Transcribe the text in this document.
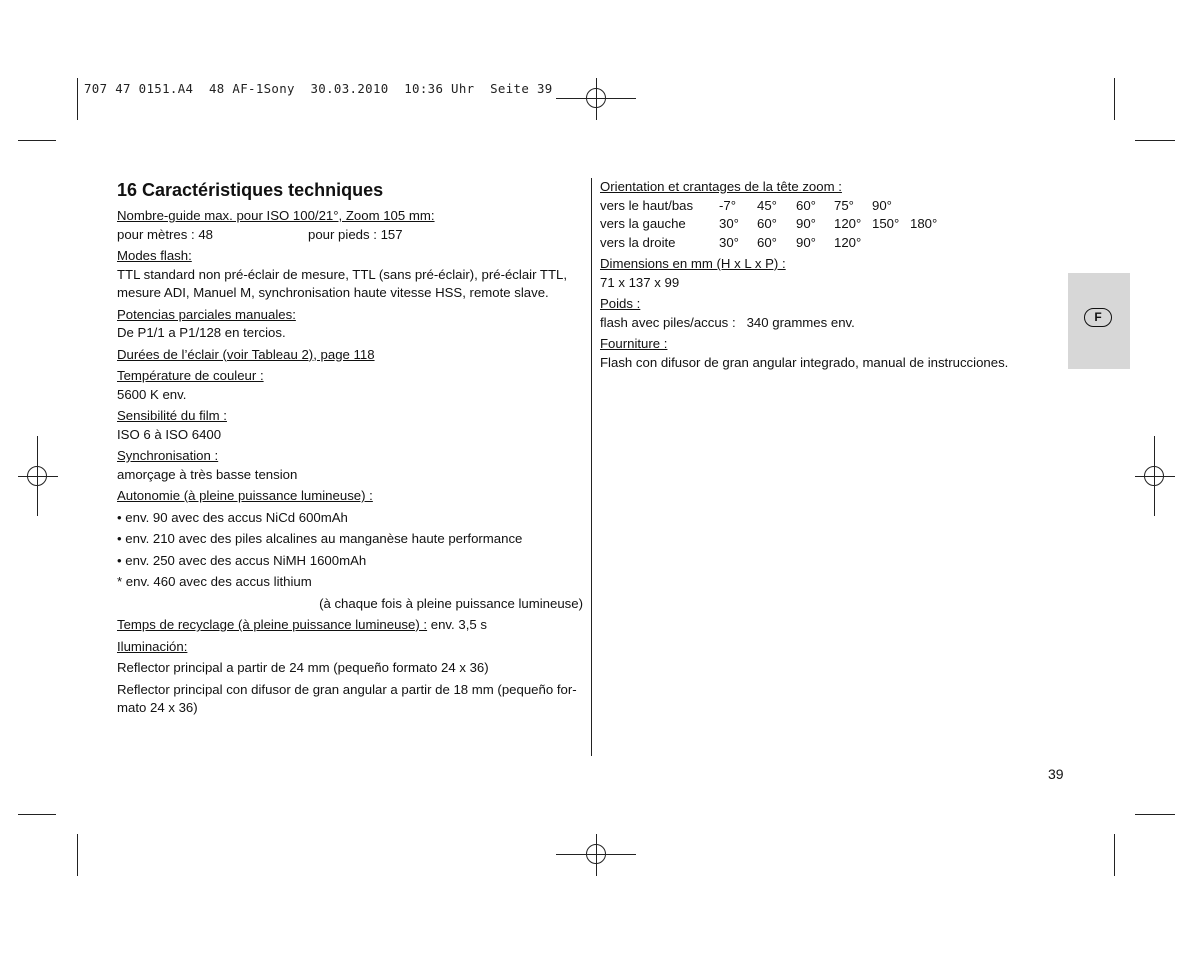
707 47 0151.A4  48 AF-1Sony  30.03.2010  10:36 Uhr  Seite 39

16 Caractéristiques techniques

Nombre-guide max. pour ISO 100/21°, Zoom 105 mm:

pour mètres : 48	pour pieds : 157

Modes flash:

TTL standard non pré-éclair de mesure, TTL (sans pré-éclair), pré-éclair TTL,

mesure ADI, Manuel M, synchronisation haute vitesse HSS, remote slave.

Potencias parciales manuales:

De P1/1 a P1/128 en tercios.

Durées de l’éclair (voir Tableau 2), page 118

Température de couleur :

5600 K env.

Sensibilité du film :

ISO 6 à ISO 6400

Synchronisation :

amorçage à très basse tension

Autonomie (à pleine puissance lumineuse) :

• env. 90 avec des accus NiCd 600mAh

• env. 210 avec des piles alcalines au manganèse haute performance

• env. 250 avec des accus NiMH 1600mAh

* env. 460 avec des accus lithium

(à chaque fois à pleine puissance lumineuse)

Temps de recyclage (à pleine puissance lumineuse) : env. 3,5 s

Iluminación:

Reflector principal a partir de 24 mm (pequeño formato 24 x 36)

Reflector principal con difusor de gran angular a partir de 18 mm (pequeño for-

mato 24 x 36)

Orientation et crantages de la tête zoom :

vers le haut/bas	-7°	45°	60°	75°	90°
vers la gauche	30°	60°	90°	120° 150° 180°
vers la droite	30°	60°	90°	120°

Dimensions en mm (H x L x P) :

71 x 137 x 99

Poids :

flash avec piles/accus :   340 grammes env.

Fourniture :

Flash con difusor de gran angular integrado, manual de instrucciones.

F
39
